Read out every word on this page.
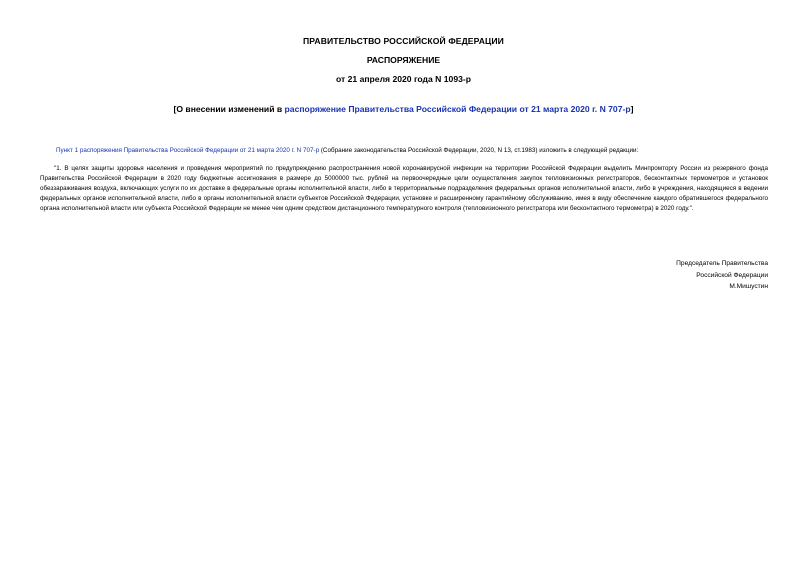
ПРАВИТЕЛЬСТВО РОССИЙСКОЙ ФЕДЕРАЦИИ
РАСПОРЯЖЕНИЕ
от 21 апреля 2020 года N 1093-р
[О внесении изменений в распоряжение Правительства Российской Федерации от 21 марта 2020 г. N 707-р]
Пункт 1 распоряжения Правительства Российской Федерации от 21 марта 2020 г. N 707-р (Собрание законодательства Российской Федерации, 2020, N 13, ст.1983) изложить в следующей редакции:
"1. В целях защиты здоровья населения и проведения мероприятий по предупреждению распространения новой коронавирусной инфекции на территории Российской Федерации выделить Минпромторгу России из резервного фонда Правительства Российской Федерации в 2020 году бюджетные ассигнования в размере до 5000000 тыс. рублей на первоочередные цели осуществления закупок тепловизионных регистраторов, бесконтактных термометров и установок обеззараживания воздуха, включающих услуги по их доставке в федеральные органы исполнительной власти, либо в территориальные подразделения федеральных органов исполнительной власти, либо в учреждения, находящиеся в ведении федеральных органов исполнительной власти, либо в органы исполнительной власти субъектов Российской Федерации, установке и расширенному гарантийному обслуживанию, имея в виду обеспечение каждого обратившегося федерального органа исполнительной власти или субъекта Российской Федерации не менее чем одним средством дистанционного температурного контроля (тепловизионного регистратора или бесконтактного термометра) в 2020 году.".
Председатель Правительства
Российской Федерации
М.Мишустин
